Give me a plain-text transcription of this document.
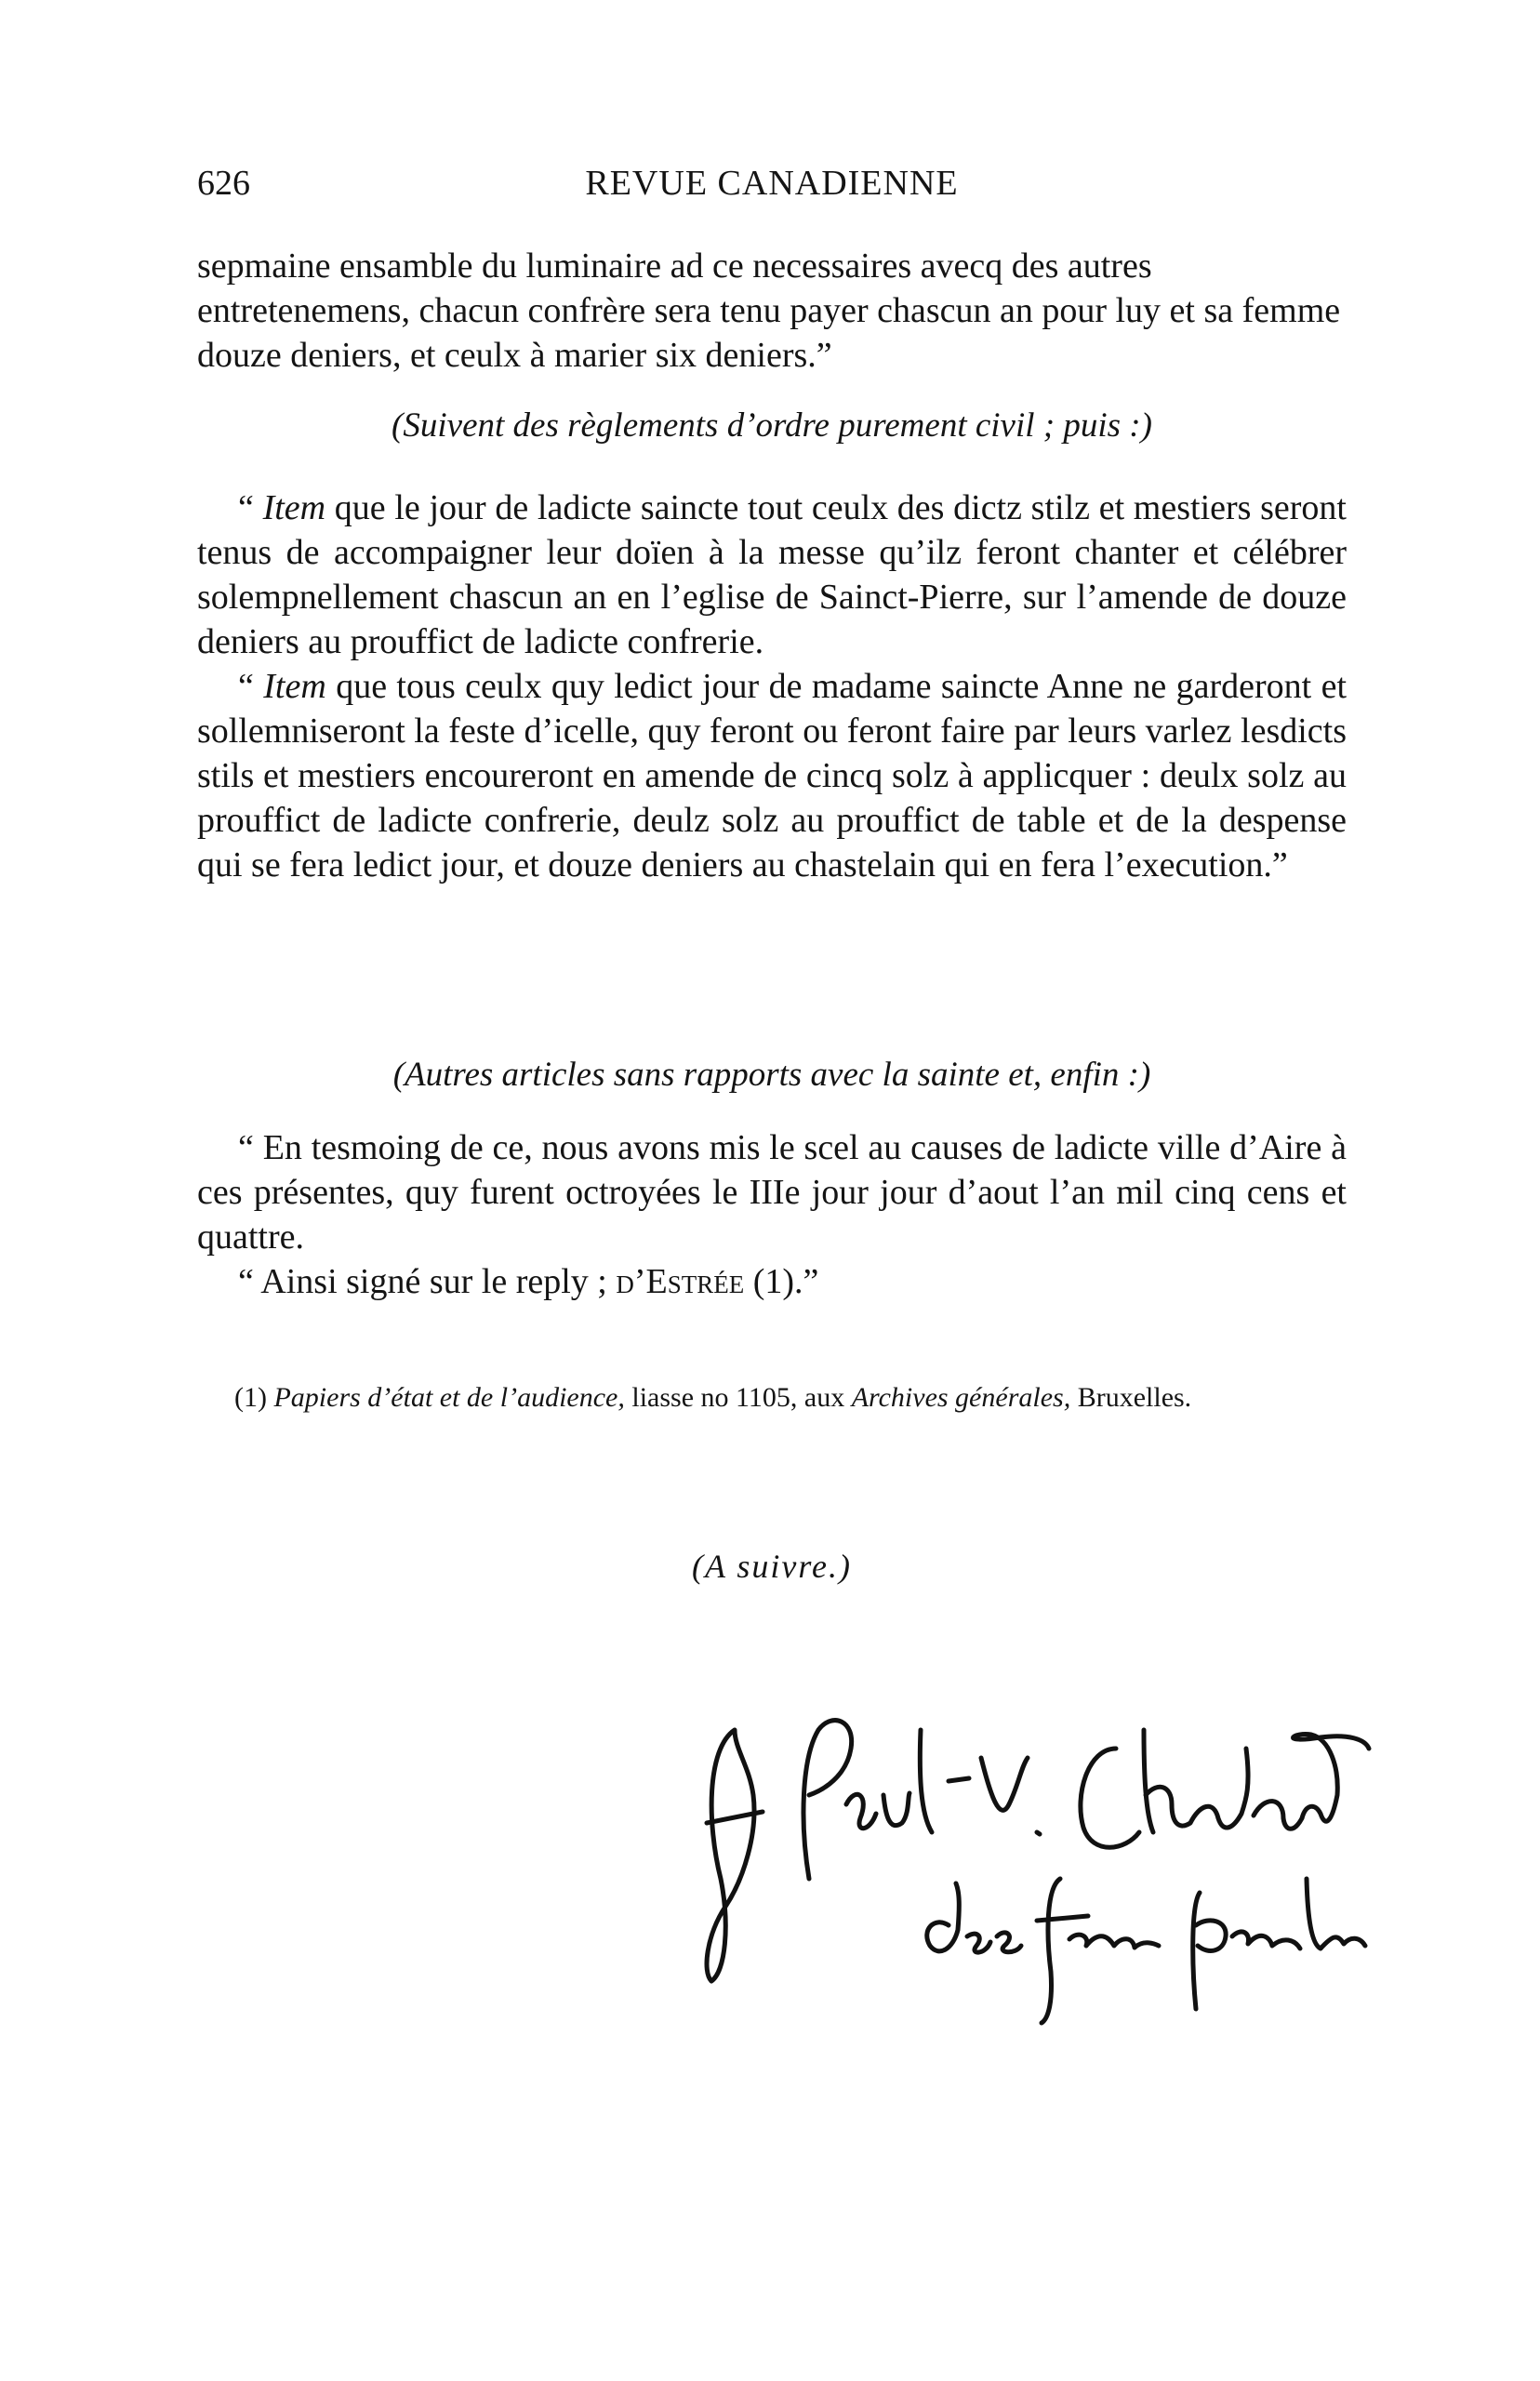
626	REVUE CANADIENNE

sepmaine ensamble du luminaire ad ce necessaires avecq des autres entretenemens, chacun confrère sera tenu payer chascun an pour luy et sa femme douze deniers, et ceulx à marier six deniers.”

(Suivent des règlements d’ordre purement civil ; puis :)

“ Item que le jour de ladicte saincte tout ceulx des dictz stilz et mestiers seront tenus de accompaigner leur doïen à la messe qu’ilz feront chanter et célébrer solempnellement chascun an en l’eglise de Sainct-Pierre, sur l’amende de douze deniers au prouffict de ladicte confrerie.

“ Item que tous ceulx quy ledict jour de madame saincte Anne ne garderont et sollemniseront la feste d’icelle, quy feront ou feront faire par leurs varlez lesdicts stils et mestiers encoureront en amende de cincq solz à applicquer : deulx solz au prouffict de ladicte confrerie, deulz solz au prouffict de table et de la despense qui se fera ledict jour, et douze deniers au chastelain qui en fera l’execution.”

(Autres articles sans rapports avec la sainte et, enfin :)

“ En tesmoing de ce, nous avons mis le scel au causes de ladicte ville d’Aire à ces présentes, quy furent octroyées le IIIe jour jour d’aout l’an mil cinq cens et quattre.

“ Ainsi signé sur le reply ; d’Estrée (1).”

(1) Papiers d’état et de l’audience, liasse no 1105, aux Archives générales, Bruxelles.

(A suivre.)
